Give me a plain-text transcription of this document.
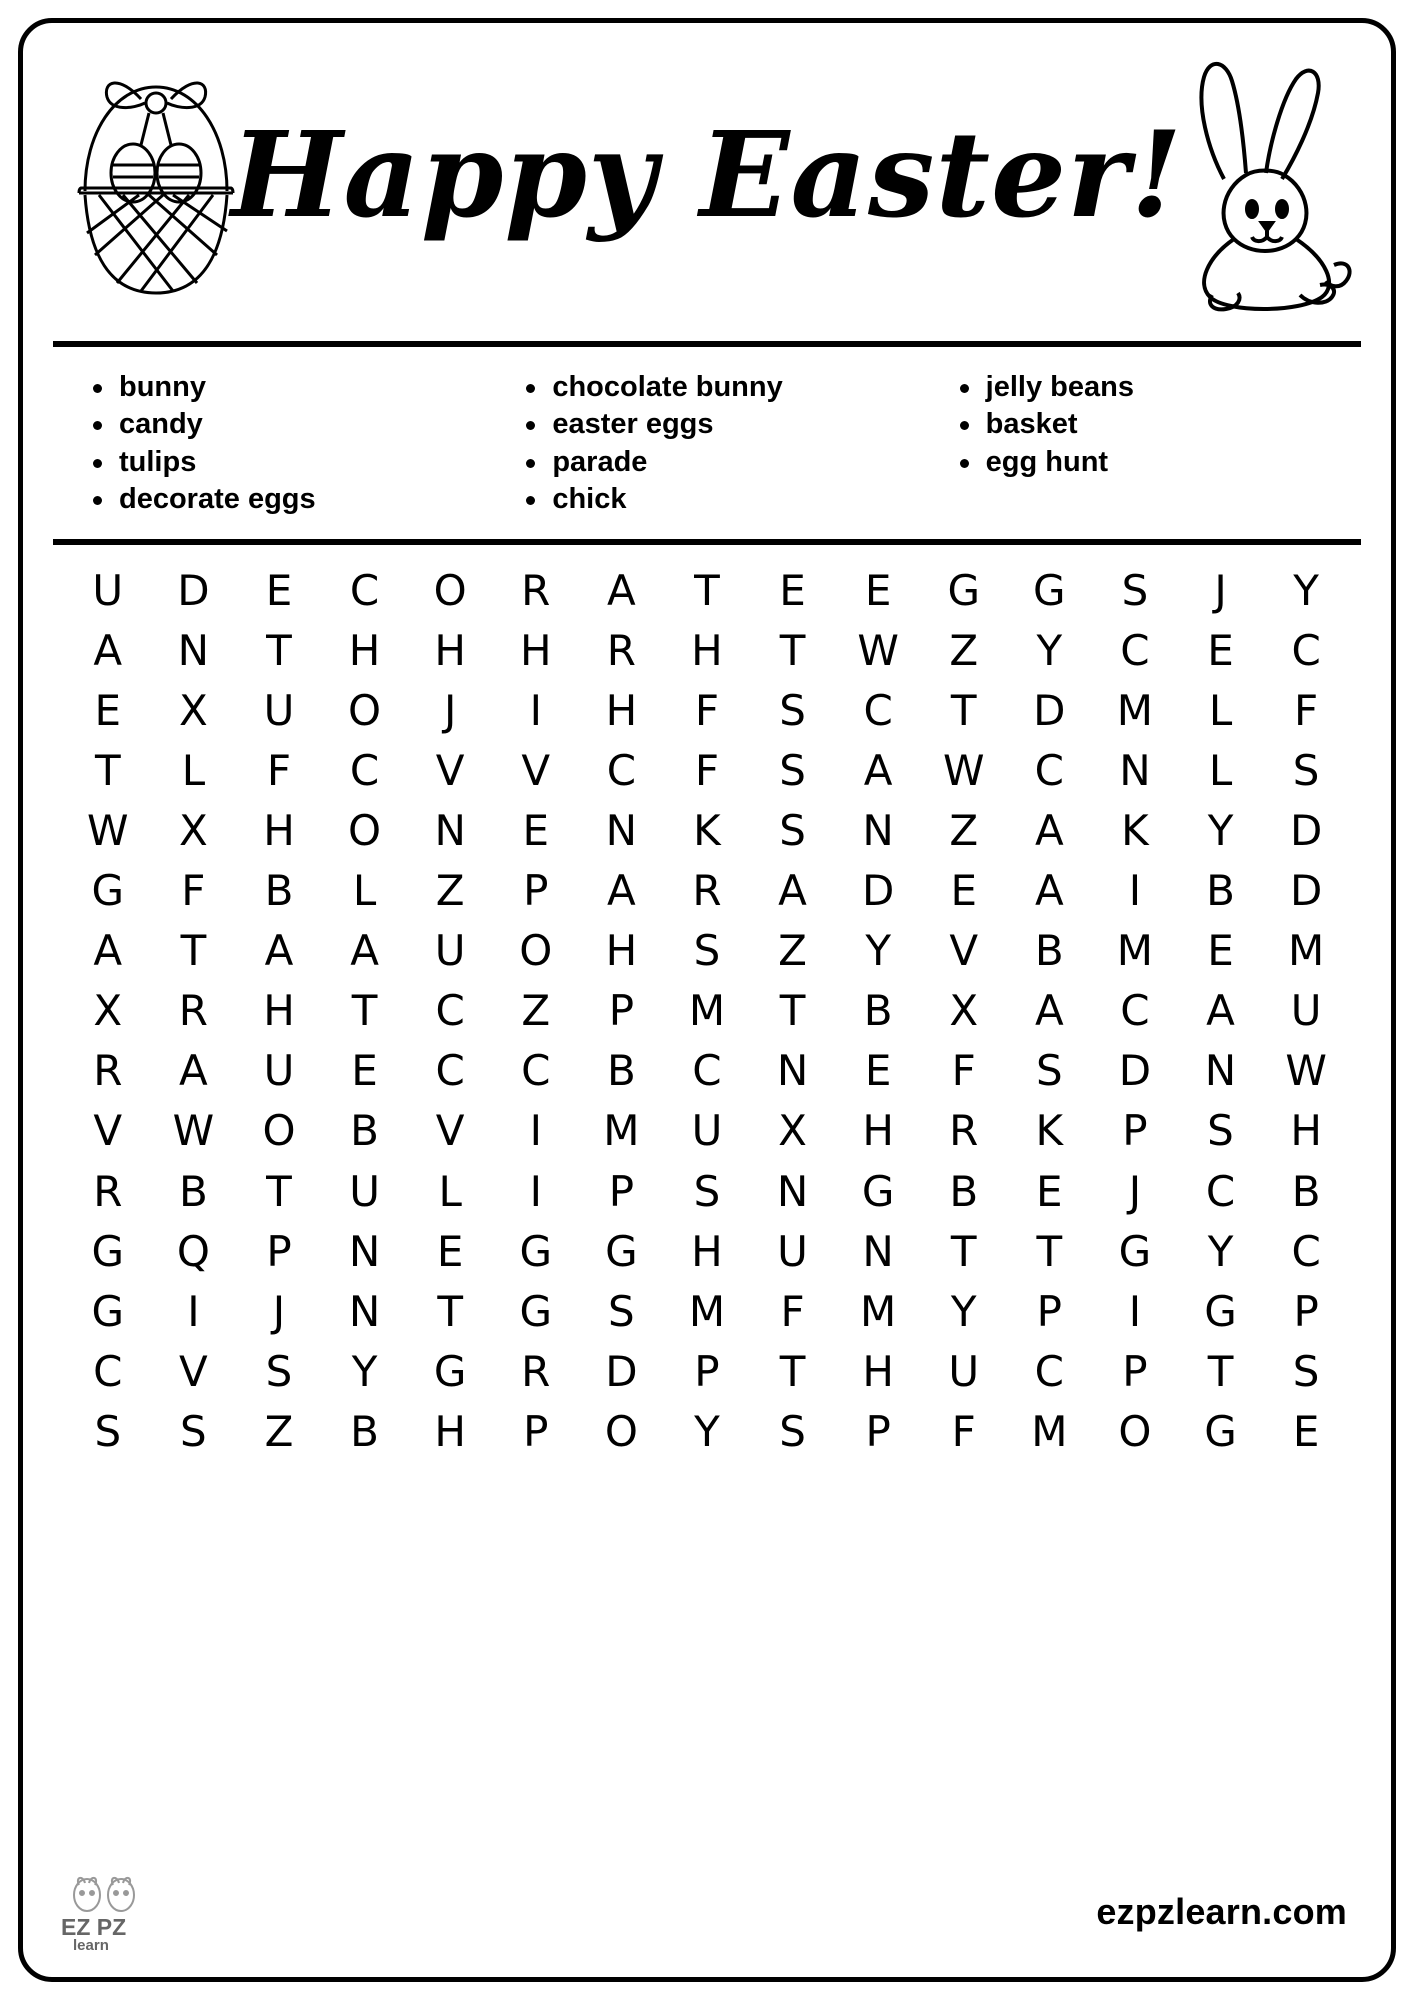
Happy Easter!
bunny
candy
tulips
decorate eggs
chocolate bunny
easter eggs
parade
chick
jelly beans
basket
egg hunt
U	D	E	C	O	R	A	T	E	E	G	G	S	J	Y
A	N	T	H	H	H	R	H	T	W	Z	Y	C	E	C
E	X	U	O	J	I	H	F	S	C	T	D	M	L	F
T	L	F	C	V	V	C	F	S	A	W	C	N	L	S
W	X	H	O	N	E	N	K	S	N	Z	A	K	Y	D
G	F	B	L	Z	P	A	R	A	D	E	A	I	B	D
A	T	A	A	U	O	H	S	Z	Y	V	B	M	E	M
X	R	H	T	C	Z	P	M	T	B	X	A	C	A	U
R	A	U	E	C	C	B	C	N	E	F	S	D	N	W
V	W	O	B	V	I	M	U	X	H	R	K	P	S	H
R	B	T	U	L	I	P	S	N	G	B	E	J	C	B
G	Q	P	N	E	G	G	H	U	N	T	T	G	Y	C
G	I	J	N	T	G	S	M	F	M	Y	P	I	G	P
C	V	S	Y	G	R	D	P	T	H	U	C	P	T	S
S	S	Z	B	H	P	O	Y	S	P	F	M	O	G	E
EZ PZ
learn
ezpzlearn.com
